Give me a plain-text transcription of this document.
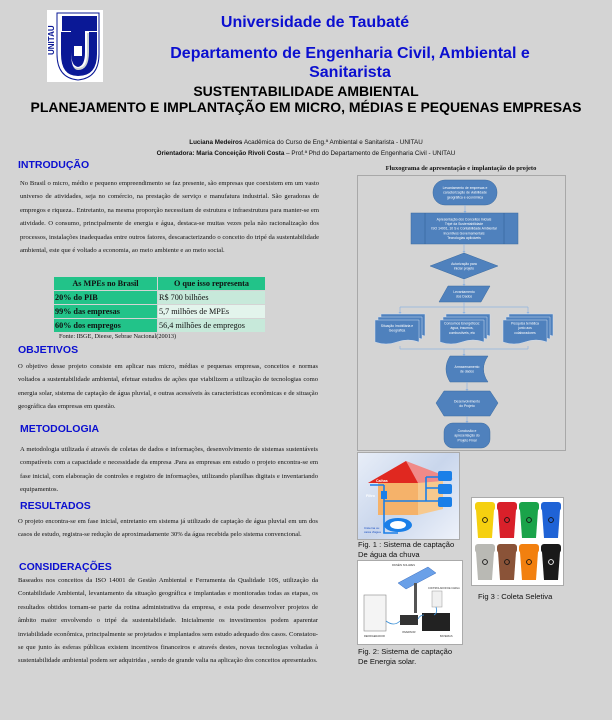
UNITAU
Universidade de Taubaté
Departamento de Engenharia Civil, Ambiental e Sanitarista
SUSTENTABILIDADE AMBIENTAL
PLANEJAMENTO E IMPLANTAÇÃO EM MICRO, MÉDIAS E PEQUENAS EMPRESAS
Luciana Medeiros Acadêmica do Curso de Eng.ª Ambiental e Sanitarista - UNITAU
Orientadora: Maria Conceição Rivoli Costa – Prof.ª Phd do Departamento de Engenharia Civil - UNITAU
INTRODUÇÃO
No Brasil o micro, médio e pequeno empreendimento se faz presente, são empresas que coexistem em um vasto universo de atividades, seja no comércio, na prestação de serviço e manufatura industrial. São geradoras de empregos e riqueza.. Entretanto, na mesma proporção necessitam de estrutura e infraestrutura para manter-se em atividade. O consumo, principalmente de energia e água, destaca-se muitas vezes pela não racionalização dos processos, instalações inadequadas entre outros fatores, descaracterizando o conceito do tripé da sustentabilidade ambiental, este que é voltado a economia, ao meio ambiente e ao meio social.
As MPEs no Brasil	O que isso representa
20% do PIB	R$ 700 bilhões
99% das empresas	5,7 milhões de MPEs
60% dos empregos	56,4 milhões de empregos
Fonte: IBGE, Dieese, Sebrae Nacional(20013)
OBJETIVOS
O objetivo desse projeto consiste em aplicar nas micro, médias e pequenas empresas, conceitos e normas voltados a sustentabilidade ambiental, efetuar estudos de ações que viabilizem a utilização de tecnologias como energia solar, sistema de captação de água pluvial, e outras acessíveis às características econômicas e de situação geográfica das empresas em questão.
METODOLOGIA
A metodologia utilizada é através de coletas de dados e informações, desenvolvimento de sistemas sustentáveis compatíveis com a capacidade e necessidade da empresa .Para as empresas em estudo o projeto encontra-se em fase inicial, com elaboração de controles e registro de informações, utilizando planilhas digitais e inventariando equipamentos.
RESULTADOS
O projeto encontra-se em fase inicial, entretanto em sistema já utilizado de captação de água pluvial em um dos casos de estudo, registra-se redução de aproximadamente 30% da água recebida pelo sistema convencional.
CONSIDERAÇÕES
Baseados nos conceitos da ISO 14001 de Gestão Ambiental e Ferramenta da Qualidade 10S, utilização da Contabilidade Ambiental, levantamento da situação geográfica e implantadas e monitoradas todas as etapas, os resultados obtidos tornam-se parte da rotina administrativa da empresa, e esta pode desenvolver projetos de âmbito maior envolvendo o tripé da sustentabilidade. Inicialmente os investimentos podem aparentar inviabilidade econômica, principalmente se projetados e implantados sem estudo adequado dos casos. Constatou-se que junto às esferas públicas existem incentivos financeiros e através destes, novas tecnologias voltadas à sustentabilidade ambiental podem ser adquiridas , sendo de grande valia na aplicação dos conceitos apresentados.
Fluxograma de apresentação e implantação do projeto
Levantamento de empresas e
caracterização de viabilidade
geográfica e econômica
Apresentação dos Conceitos Iniciais
Tripé da Sustentabilidade
ISO 14001, 10 S e Contabilidade Ambiental
Incentivos Governamentais
Tecnologias aplicáveis
Autorização para
iniciar projeto
Levantamento
dos Dados
Situação Imobiliária e
Geográfica
Consumos Energéticos:
água, insumos,
combustíveis, etc
Pesquisa temática
junto aos
colaboradores
Armazenamento
de dados
Desenvolvimento
do Projeto
Conclusão e
apresentação do
Projeto Final
Calhas
Filtro
Cisterna ou
caixa d'água
Fig. 1 : Sistema de captação
De água da chuva
PAINÉIS SOLARES
CONTROLADOR DE CARGA
INVERSOR
BATERIAS
REFRIGERADOR
Fig. 2: Sistema de captação
De Energia solar.
Fig 3 : Coleta Seletiva
